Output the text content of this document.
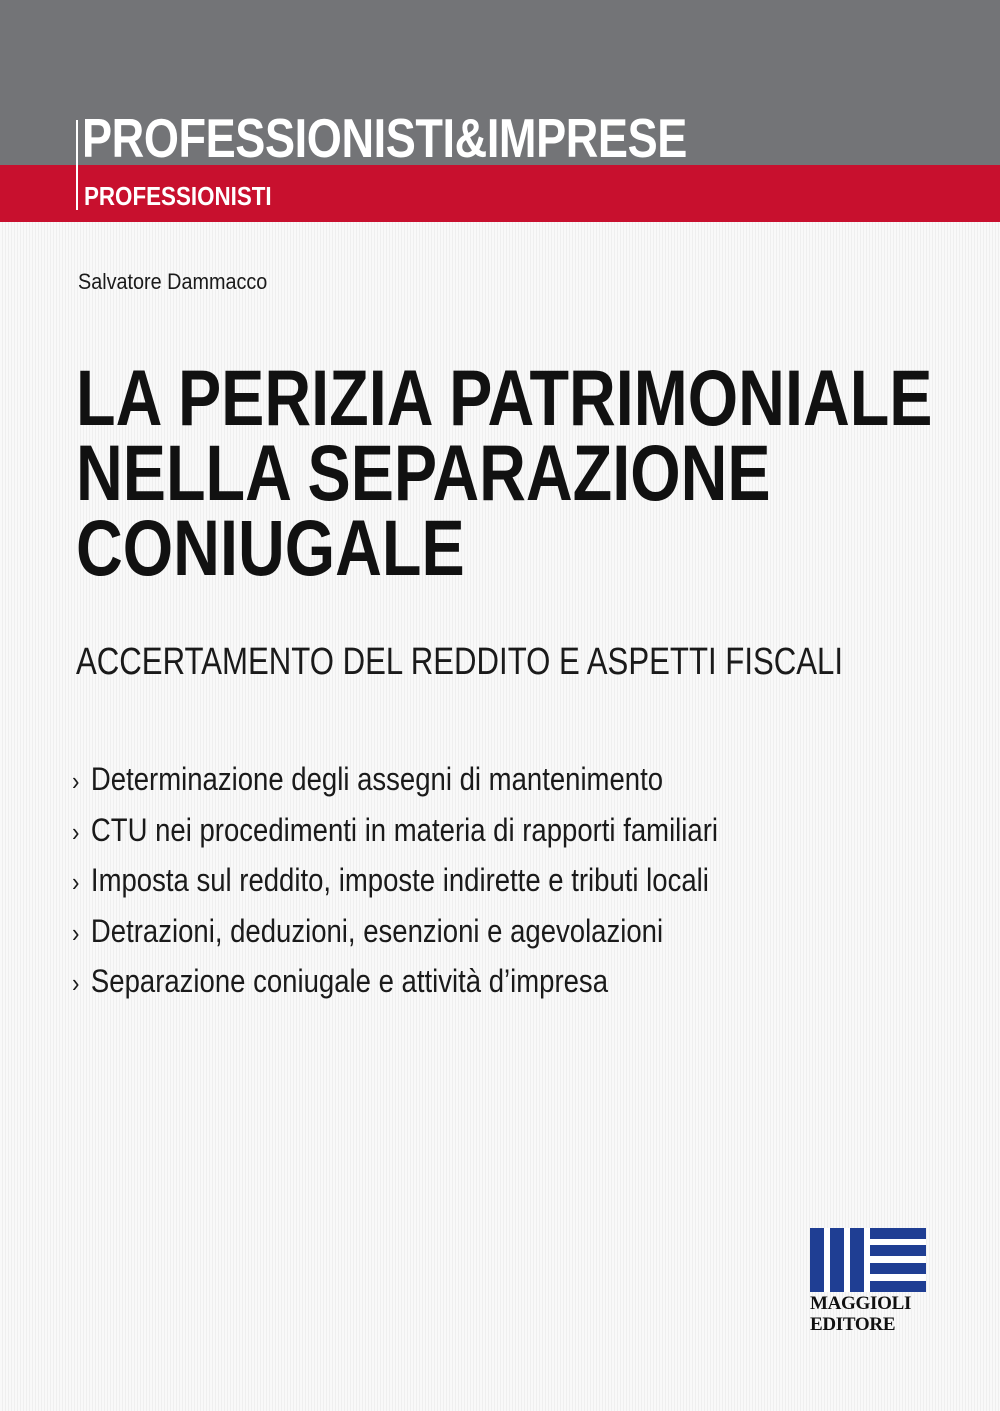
PROFESSIONISTI&IMPRESE
PROFESSIONISTI

Salvatore Dammacco

LA PERIZIA PATRIMONIALE
NELLA SEPARAZIONE
CONIUGALE

ACCERTAMENTO DEL REDDITO E ASPETTI FISCALI

› Determinazione degli assegni di mantenimento
› CTU nei procedimenti in materia di rapporti familiari
› Imposta sul reddito, imposte indirette e tributi locali
› Detrazioni, deduzioni, esenzioni e agevolazioni
› Separazione coniugale e attività d’impresa
MAGGIOLI
EDITORE
